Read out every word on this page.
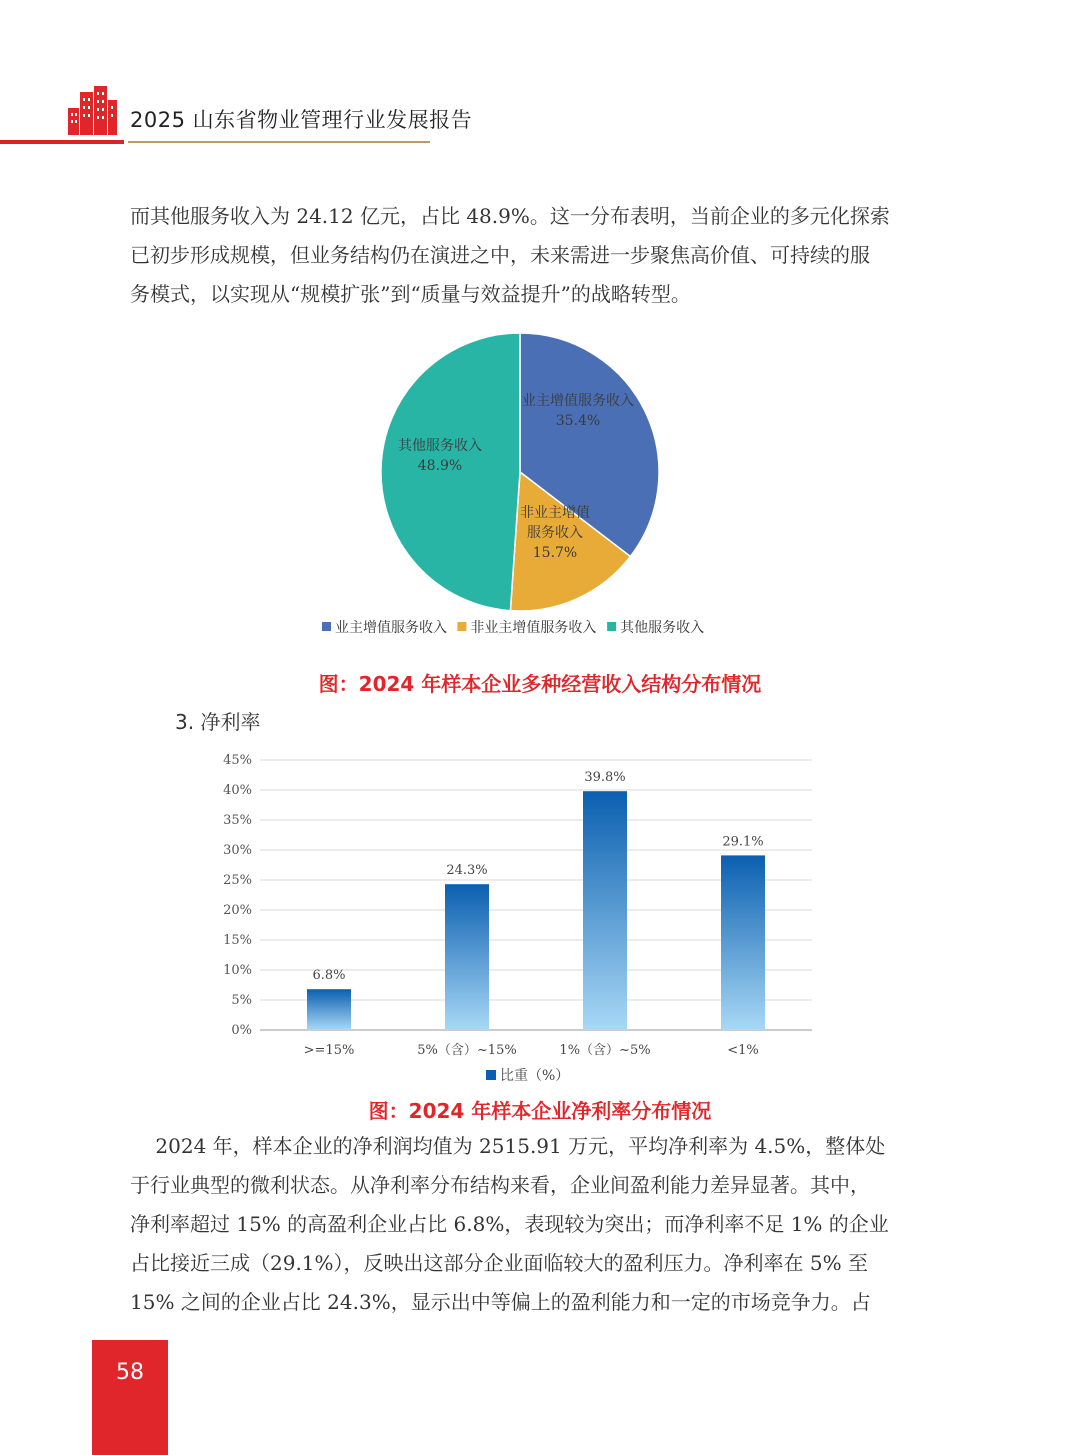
2025 山东省物业管理行业发展报告
而其他服务收入为 24.12 亿元，占比 48.9%。这一分布表明，当前企业的多元化探索
已初步形成规模，但业务结构仍在演进之中，未来需进一步聚焦高价值、可持续的服
务模式，以实现从“规模扩张”到“质量与效益提升”的战略转型。
业主增值服务收入
35.4%
非业主增值
服务收入
15.7%
其他服务收入
48.9%
业主增值服务收入 非业主增值服务收入 其他服务收入
图：2024 年样本企业多种经营收入结构分布情况
3. 净利率
0%
5%
10%
15%
20%
25%
30%
35%
40%
45%
6.8%
>=15%
24.3%
5%（含）~15%
39.8%
1%（含）~5%
29.1%
<1%
比重（%）
图：2024 年样本企业净利率分布情况
2024 年，样本企业的净利润均值为 2515.91 万元，平均净利率为 4.5%，整体处
于行业典型的微利状态。从净利率分布结构来看，企业间盈利能力差异显著。其中，
净利率超过 15% 的高盈利企业占比 6.8%，表现较为突出；而净利率不足 1% 的企业
占比接近三成（29.1%），反映出这部分企业面临较大的盈利压力。净利率在 5% 至
15% 之间的企业占比 24.3%，显示出中等偏上的盈利能力和一定的市场竞争力。占
58
